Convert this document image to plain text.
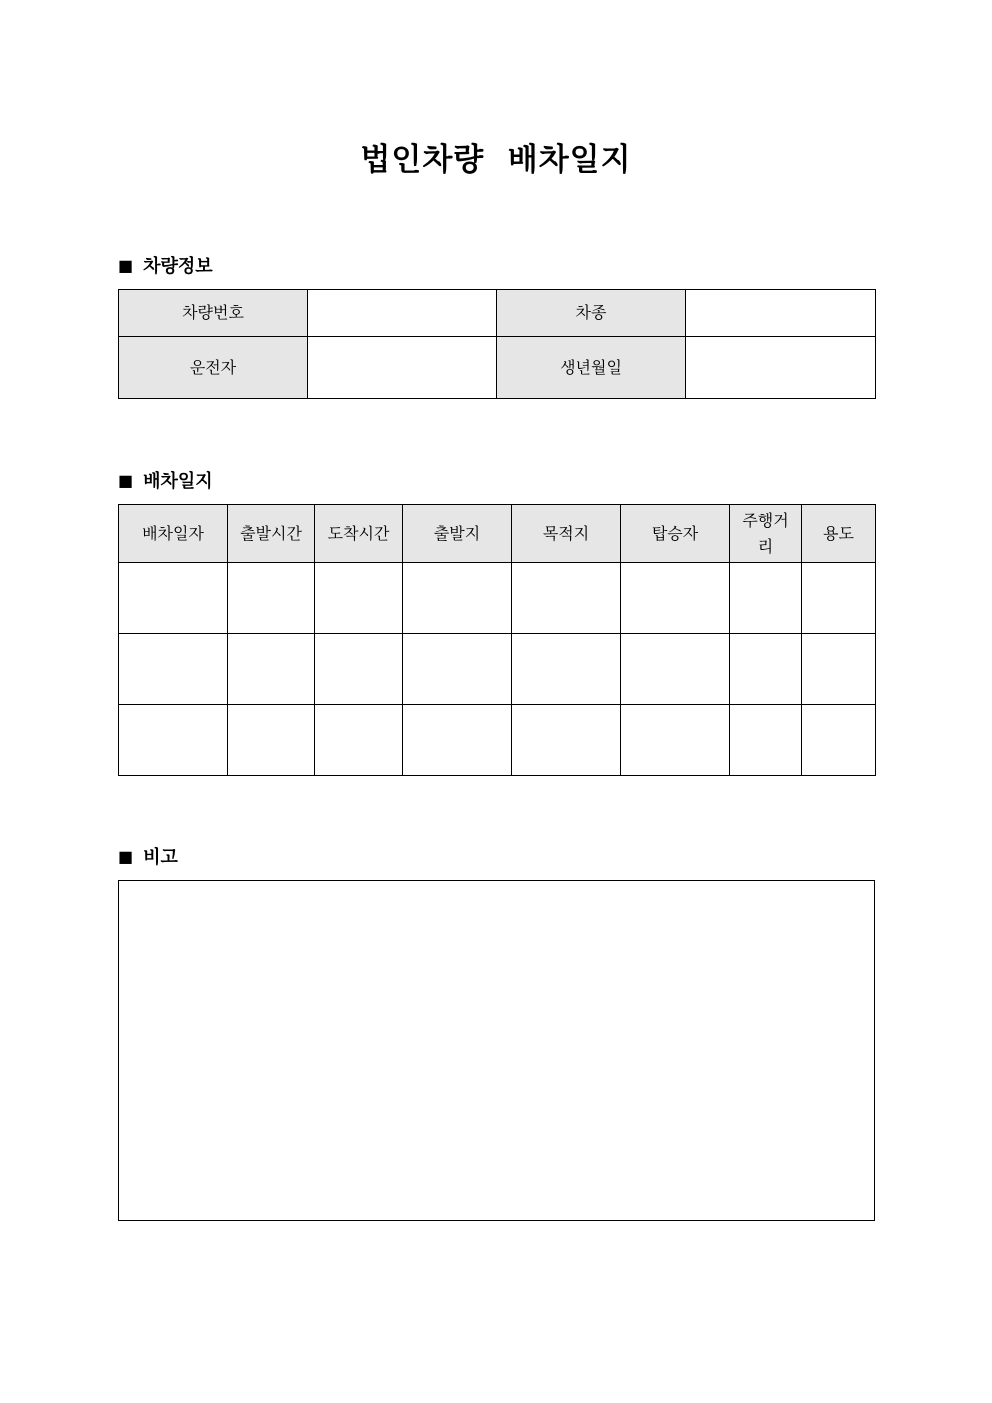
법인차량  배차일지
■ 차량정보
차량번호		차종	
운전자		생년월일	
■ 배차일지
배차일자	출발시간	도착시간	출발지	목적지	탑승자	주행거리	용도

■ 비고
